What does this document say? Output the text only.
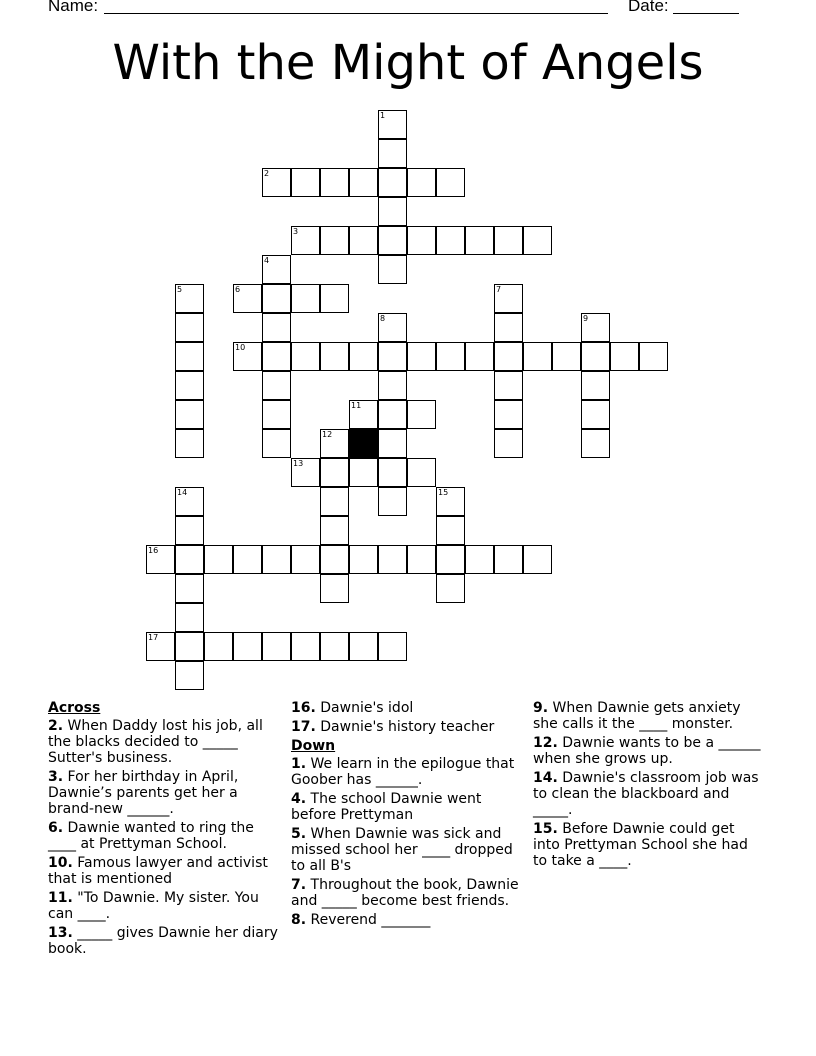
Name:	Date:
With the Might of Angels
1
2
3
4
5	6	7
8	9
10
11
12
13
14	15
16
17
Across
2. When Daddy lost his job, all the blacks decided to _____ Sutter's business.
3. For her birthday in April, Dawnie’s parents get her a brand-new ______.
6. Dawnie wanted to ring the ____ at Prettyman School.
10. Famous lawyer and activist that is mentioned
11. "To Dawnie. My sister. You can ____.
13. _____ gives Dawnie her diary book.
16. Dawnie's idol
17. Dawnie's history teacher
Down
1. We learn in the epilogue that Goober has ______.
4. The school Dawnie went before Prettyman
5. When Dawnie was sick and missed school her ____ dropped to all B's
7. Throughout the book, Dawnie and _____ become best friends.
8. Reverend _______
9. When Dawnie gets anxiety she calls it the ____ monster.
12. Dawnie wants to be a ______ when she grows up.
14. Dawnie's classroom job was to clean the blackboard and _____.
15. Before Dawnie could get into Prettyman School she had to take a ____.
